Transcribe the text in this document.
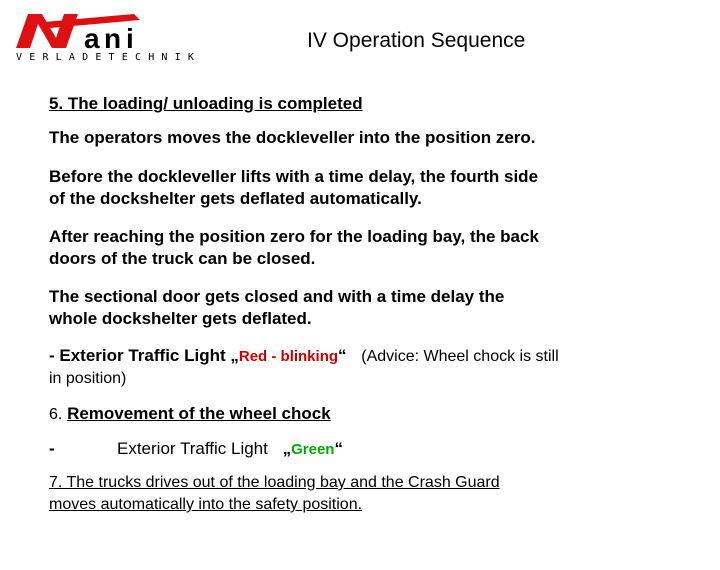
a n i
VERLADETECHNIK
IV Operation Sequence
5. The loading/ unloading is completed
The operators moves the dockleveller into the position zero.
Before the dockleveller lifts with a time delay, the fourth side
of the dockshelter gets deflated automatically.
After reaching the position zero for the loading bay, the back
doors of the truck can be closed.
The sectional door gets closed and with a time delay the
whole dockshelter gets deflated.
- Exterior Traffic Light „Red - blinking“ (Advice: Wheel chock is still
in position)
6. Removement of the wheel chock
-	Exterior Traffic Light „Green“
7. The trucks drives out of the loading bay and the Crash Guard
moves automatically into the safety position.
